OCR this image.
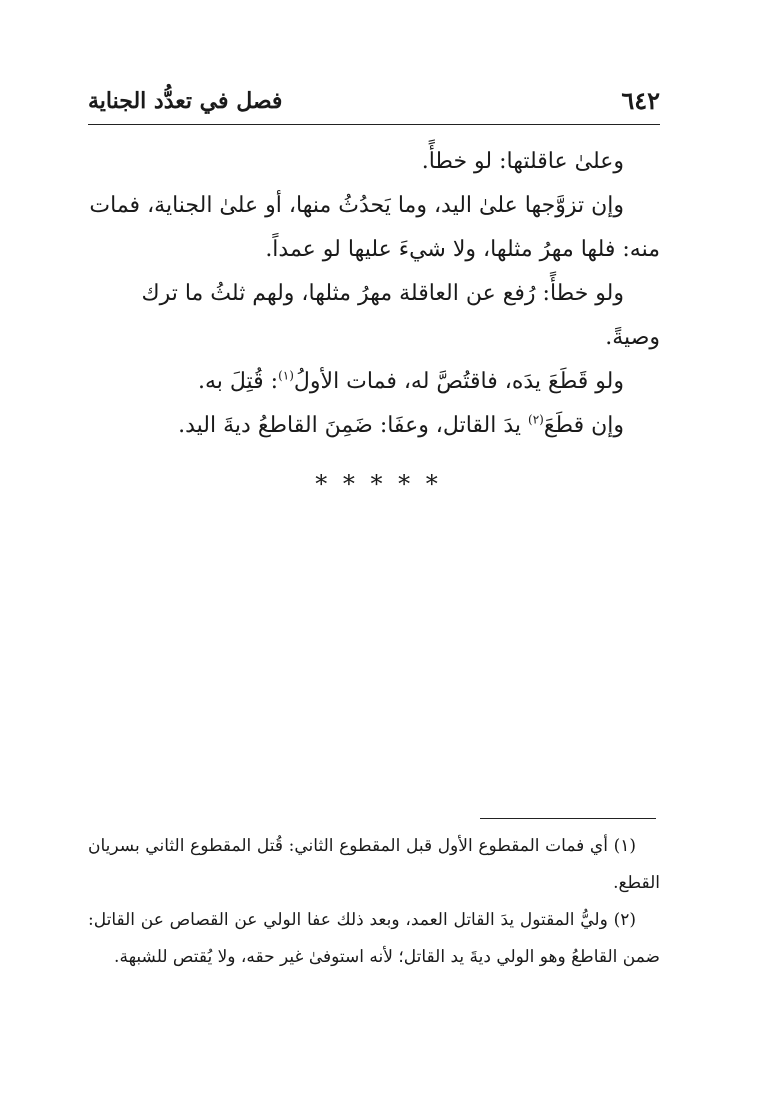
٦٤٢
فصل في تعدُّد الجناية

وعلىٰ عاقلتها: لو خطأً.

وإن تزوَّجها علىٰ اليد، وما يَحدُثُ منها، أو علىٰ الجناية، فمات منه: فلها مهرُ مثلها، ولا شيءَ عليها لو عمداً.

ولو خطأً: رُفع عن العاقلة مهرُ مثلها، ولهم ثلثُ ما ترك وصيةً.

ولو قَطَعَ يدَه، فاقتُصَّ له، فمات الأولُ$^{(١)}$: قُتِلَ به.

وإن قطَعَ$^{(٢)}$ يدَ القاتل، وعفَا: ضَمِنَ القاطعُ ديةَ اليد.

* * * * *

(١) أي فمات المقطوع الأول قبل المقطوع الثاني: قُتل المقطوع الثاني بسريان القطع.

(٢) وليُّ المقتول يدَ القاتل العمد، وبعد ذلك عفا الولي عن القصاص عن القاتل: ضمن القاطعُ وهو الولي ديةَ يد القاتل؛ لأنه استوفىٰ غير حقه، ولا يُقتص للشبهة.
